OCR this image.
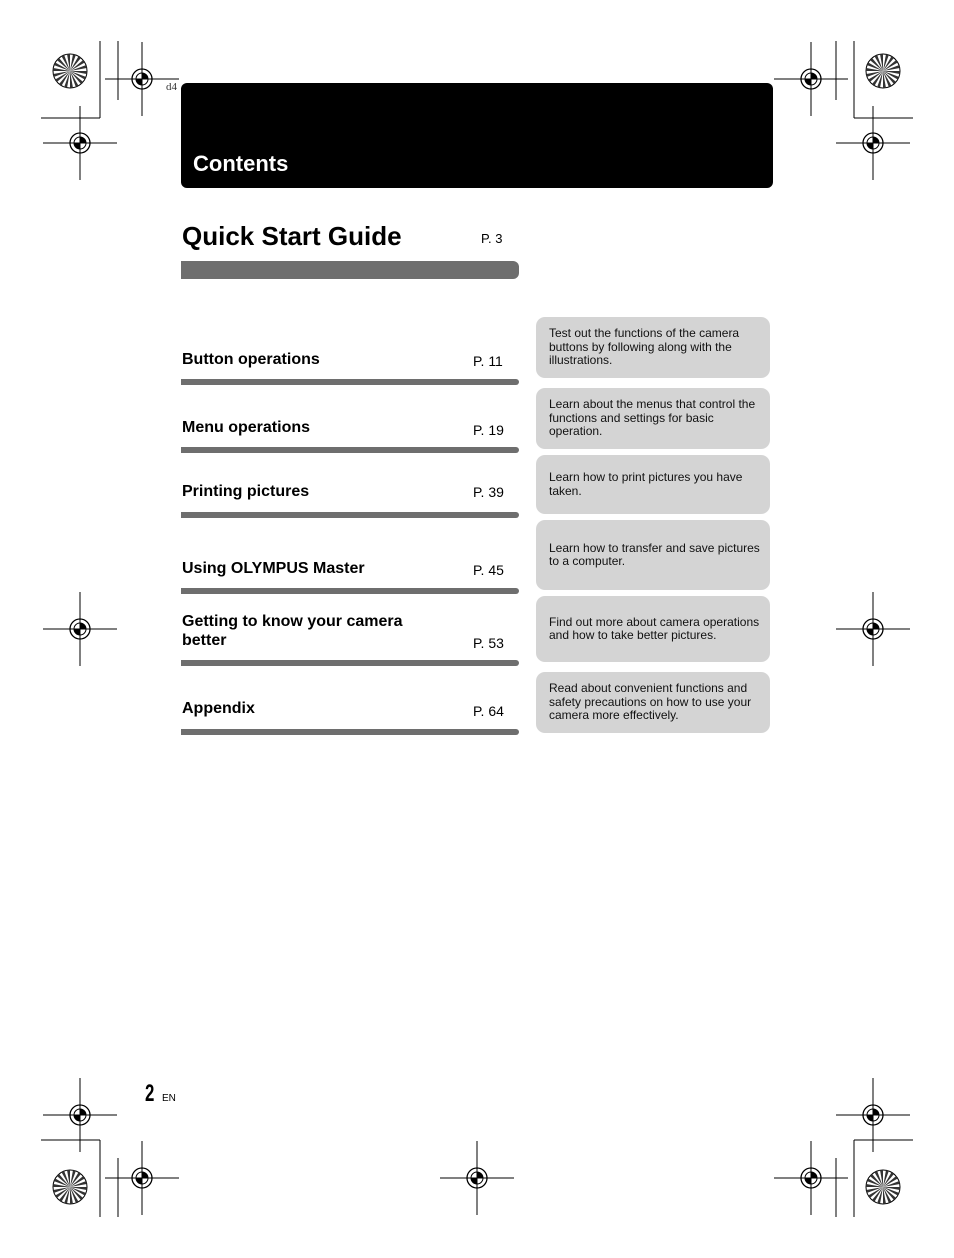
d4
Contents
Quick Start Guide	P. 3
Button operations	P. 11
Test out the functions of the camera buttons by following along with the illustrations.
Menu operations	P. 19
Learn about the menus that control the functions and settings for basic operation.
Printing pictures	P. 39
Learn how to print pictures you have taken.
Using OLYMPUS Master	P. 45
Learn how to transfer and save pictures to a computer.
Getting to know your camera better	P. 53
Find out more about camera operations and how to take better pictures.
Appendix	P. 64
Read about convenient functions and safety precautions on how to use your camera more effectively.
2 EN
